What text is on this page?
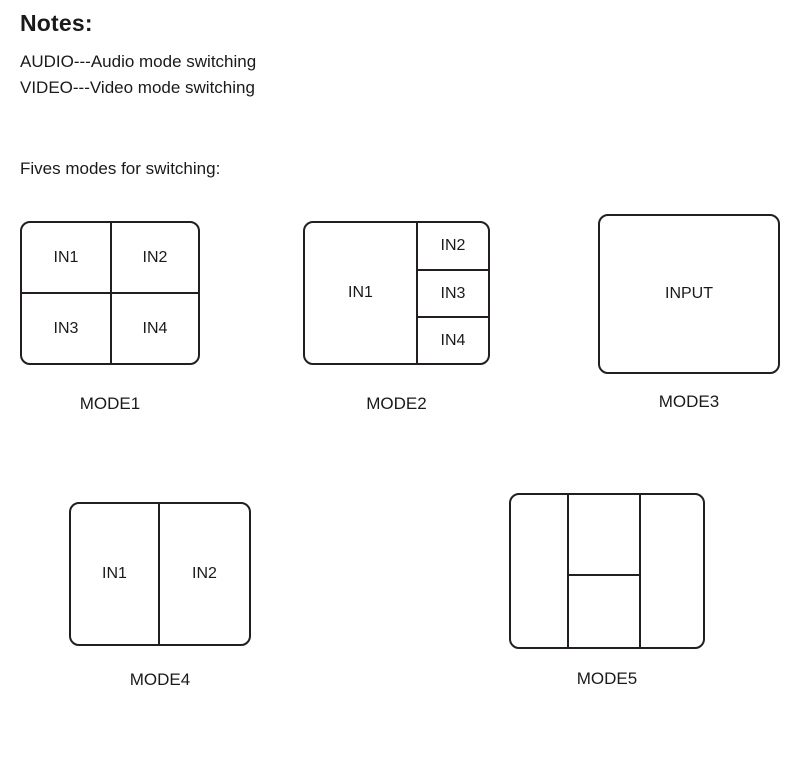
Notes:
AUDIO---Audio mode switching
VIDEO---Video mode switching
Fives modes for switching:
IN1	IN2
IN3	IN4
MODE1
IN1
IN2
IN3
IN4
MODE2
INPUT
MODE3
IN1	IN2
MODE4	MODE5
